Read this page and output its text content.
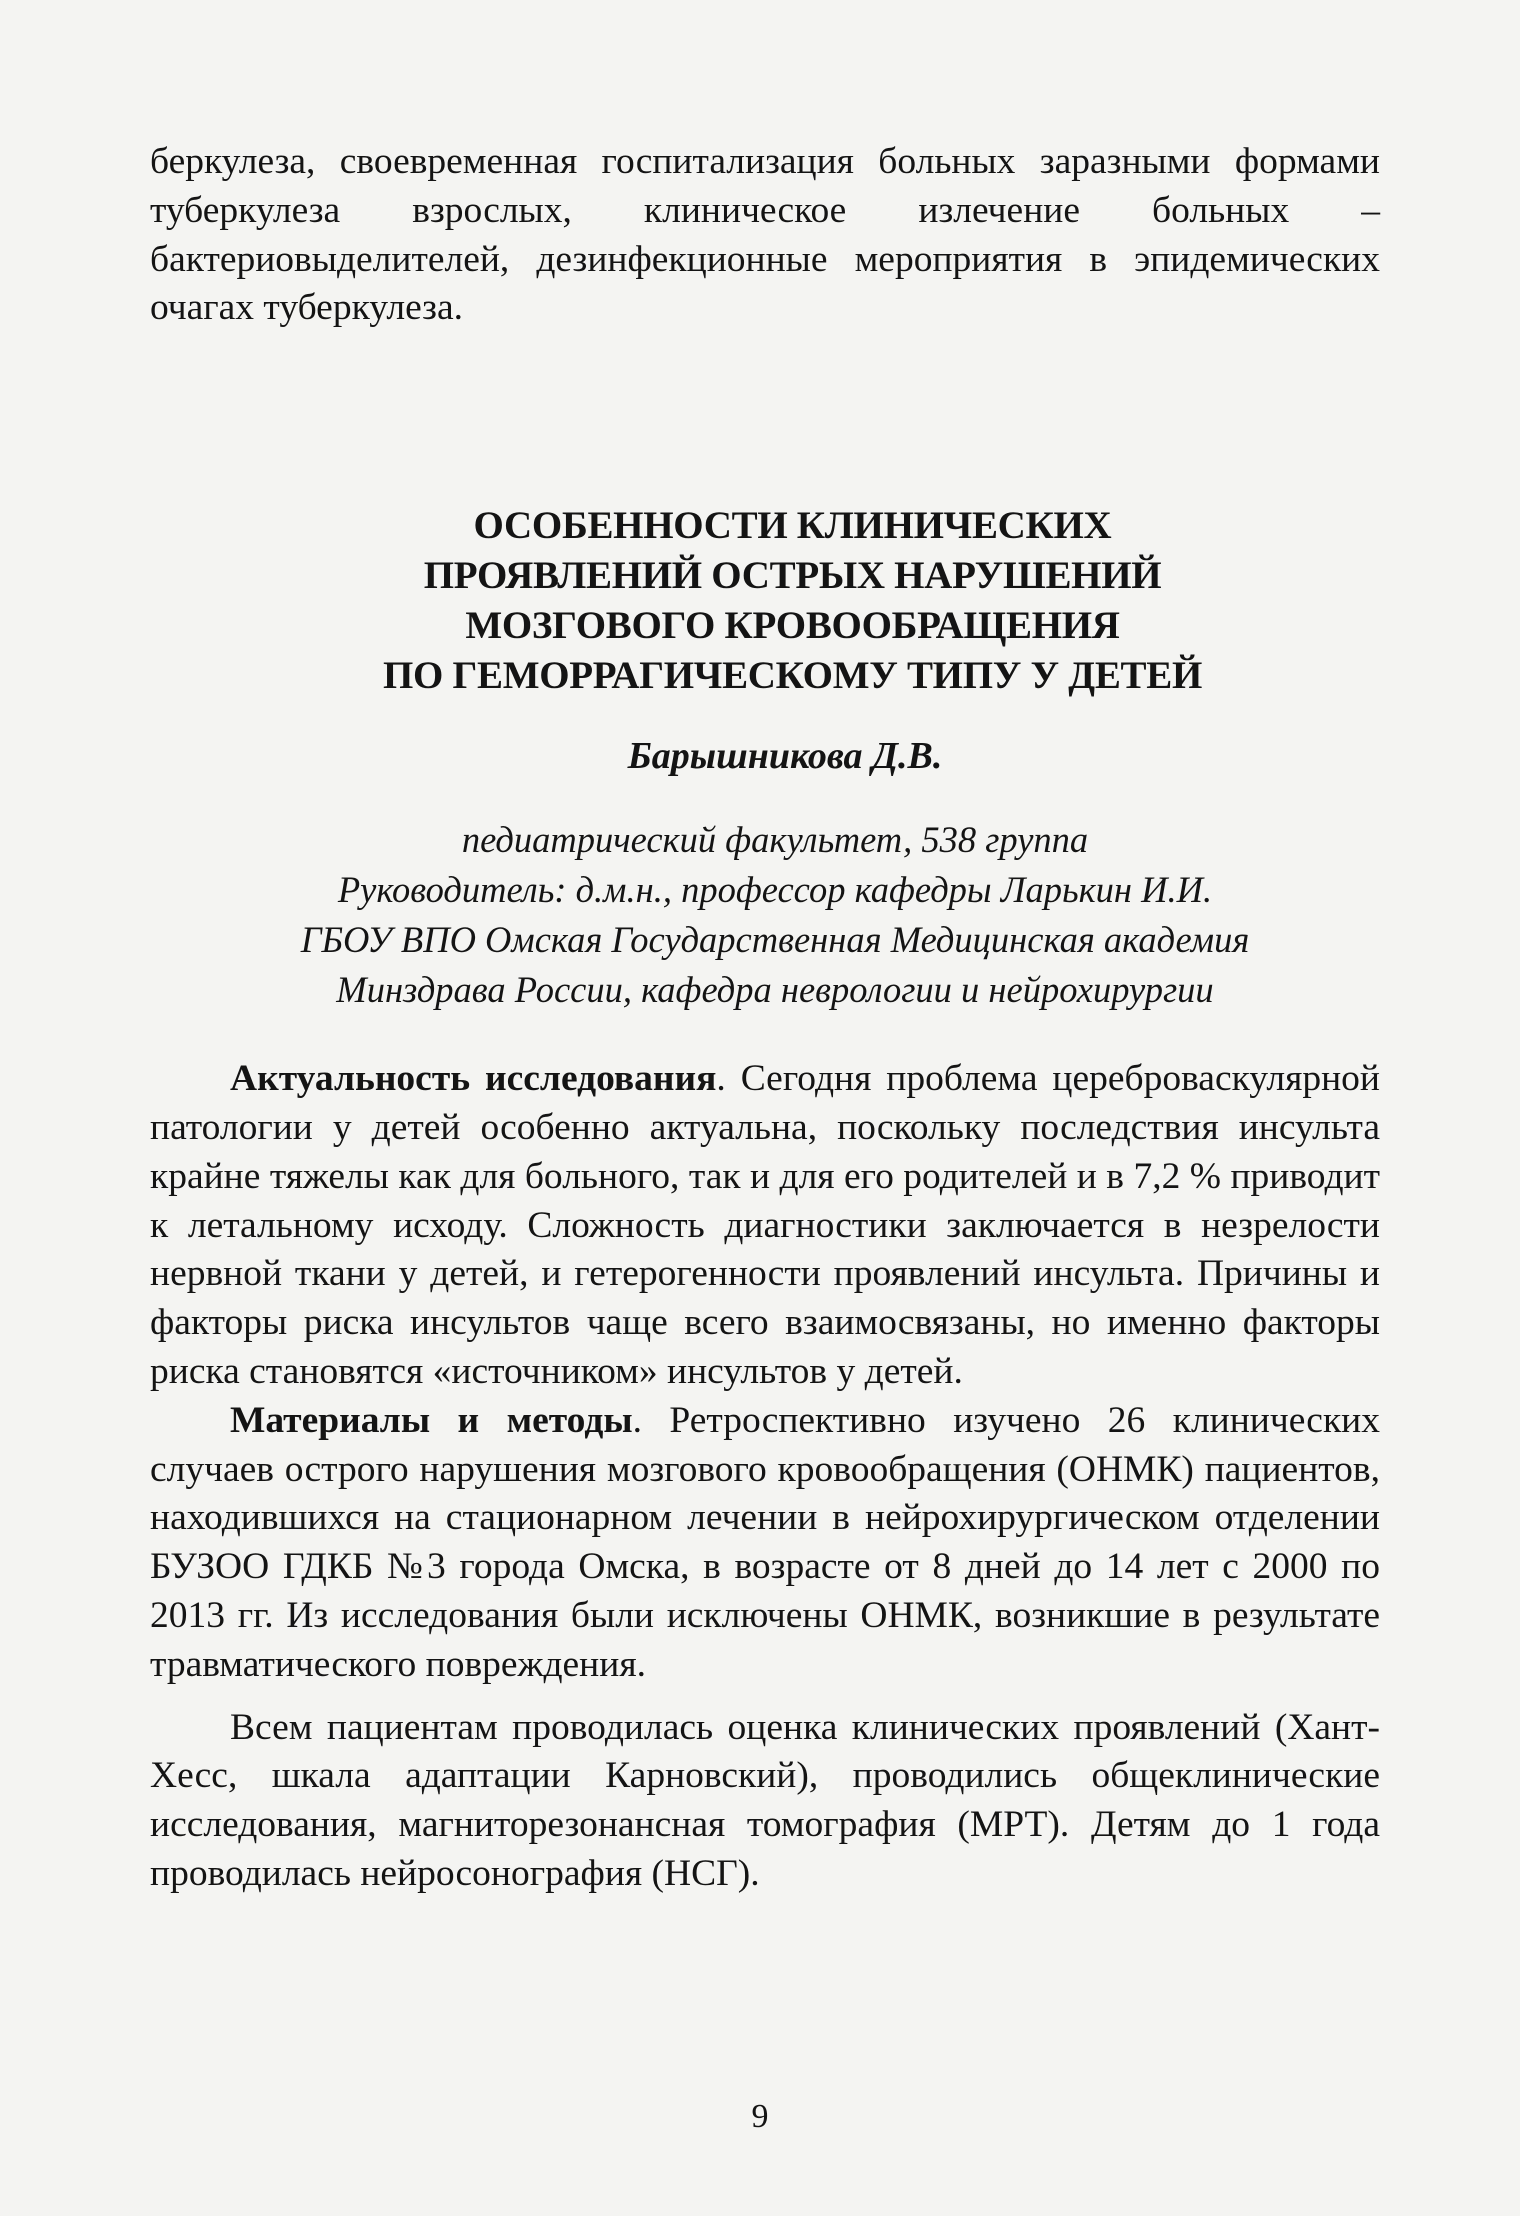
беркулеза, своевременная госпитализация больных заразными формами туберкулеза взрослых, клиническое излечение больных – бактериовыделителей, дезинфекционные мероприятия в эпидемических очагах туберкулеза.

ОСОБЕННОСТИ КЛИНИЧЕСКИХ
ПРОЯВЛЕНИЙ ОСТРЫХ НАРУШЕНИЙ
МОЗГОВОГО КРОВООБРАЩЕНИЯ
ПО ГЕМОРРАГИЧЕСКОМУ ТИПУ У ДЕТЕЙ
Барышникова Д.В.
педиатрический факультет, 538 группа
Руководитель: д.м.н., профессор кафедры Ларькин И.И.
ГБОУ ВПО Омская Государственная Медицинская академия
Минздрава России, кафедра неврологии и нейрохирургии

Актуальность исследования. Сегодня проблема цереброваскулярной патологии у детей особенно актуальна, поскольку последствия инсульта крайне тяжелы как для больного, так и для его родителей и в 7,2 % приводит к летальному исходу. Сложность диагностики заключается в незрелости нервной ткани у детей, и гетерогенности проявлений инсульта. Причины и факторы риска инсультов чаще всего взаимосвязаны, но именно факторы риска становятся «источником» инсультов у детей.

Материалы и методы. Ретроспективно изучено 26 клинических случаев острого нарушения мозгового кровообращения (ОНМК) пациентов, находившихся на стационарном лечении в нейрохирургическом отделении БУЗОО ГДКБ №3 города Омска, в возрасте от 8 дней до 14 лет с 2000 по 2013 гг. Из исследования были исключены ОНМК, возникшие в результате травматического повреждения.

Всем пациентам проводилась оценка клинических проявлений (Хант-Хесс, шкала адаптации Карновский), проводились общеклинические исследования, магниторезонансная томография (МРТ). Детям до 1 года проводилась нейросонография (НСГ).

9
